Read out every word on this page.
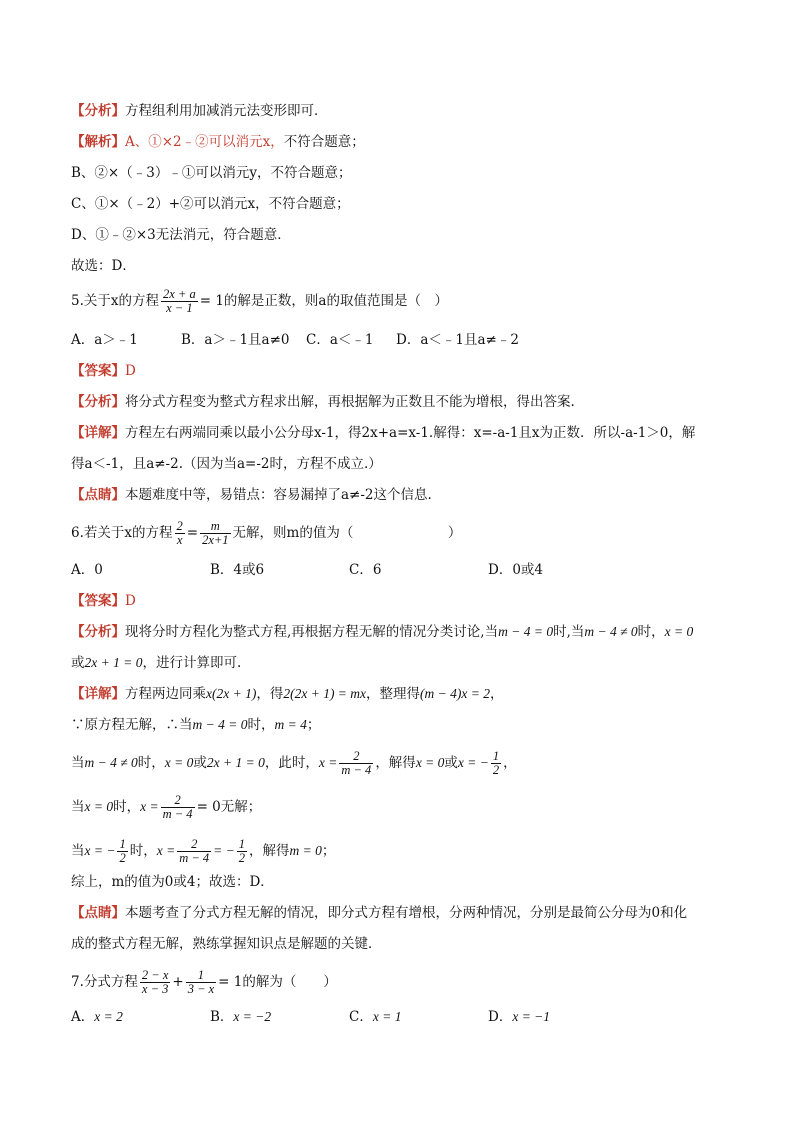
【分析】方程组利用加减消元法变形即可．
【解析】A、①×2﹣②可以消元x，不符合题意；
B、②×（﹣3）﹣①可以消元y，不符合题意；
C、①×（﹣2）+②可以消元x，不符合题意；
D、①﹣②×3无法消元，符合题意．
故选：D．
5.关于x的方程 $\frac{2x + a}{x - 1} = 1$的解是正数，则a的取值范围是（　）
A．a＞﹣1	B．a＞﹣1且a≠0 C．a＜﹣1 D．a＜﹣1且a≠﹣2
【答案】D
【分析】将分式方程变为整式方程求出解，再根据解为正数且不能为增根，得出答案.
【详解】方程左右两端同乘以最小公分母x-1，得2x+a=x-1.解得：x=-a-1且x为正数．所以-a-1＞0，解
得a＜-1，且a≠-2.（因为当a=-2时，方程不成立.）
【点睛】本题难度中等，易错点：容易漏掉了a≠-2这个信息.
6.若关于x的方程 $\frac{2}{x} = \frac{m}{2x+1}$ 无解，则m的值为（　　　　　　　）
A．0	B．4或6	C．6	D．0或4
【答案】D
【分析】现将分时方程化为整式方程,再根据方程无解的情况分类讨论,当m − 4 = 0时,当m − 4 ≠ 0时，x = 0
或2x + 1 = 0，进行计算即可.
【详解】方程两边同乘x(2x + 1)，得2(2x + 1) = mx，整理得(m − 4)x = 2，
∵原方程无解，∴当m − 4 = 0时，m = 4；
当m − 4 ≠ 0时，x = 0或2x + 1 = 0，此时，$x = \frac{2}{m - 4}$ ，解得x = 0或x = − $\frac{1}{2}$ ，
当x = 0时，$x = \frac{2}{m - 4} = 0$无解；
当x = − $\frac{1}{2}$ 时，$x = \frac{2}{m - 4}$ = − $\frac{1}{2}$ ，解得m = 0；
综上，m的值为0或4；故选：D．
【点睛】本题考查了分式方程无解的情况，即分式方程有增根，分两种情况，分别是最简公分母为0和化
成的整式方程无解，熟练掌握知识点是解题的关键．
7.分式方程 $\frac{2 - x}{x - 3} + \frac{1}{3 - x} = 1$的解为（　　）
A．x = 2	B．x = −2	C．x = 1	D．x = −1
